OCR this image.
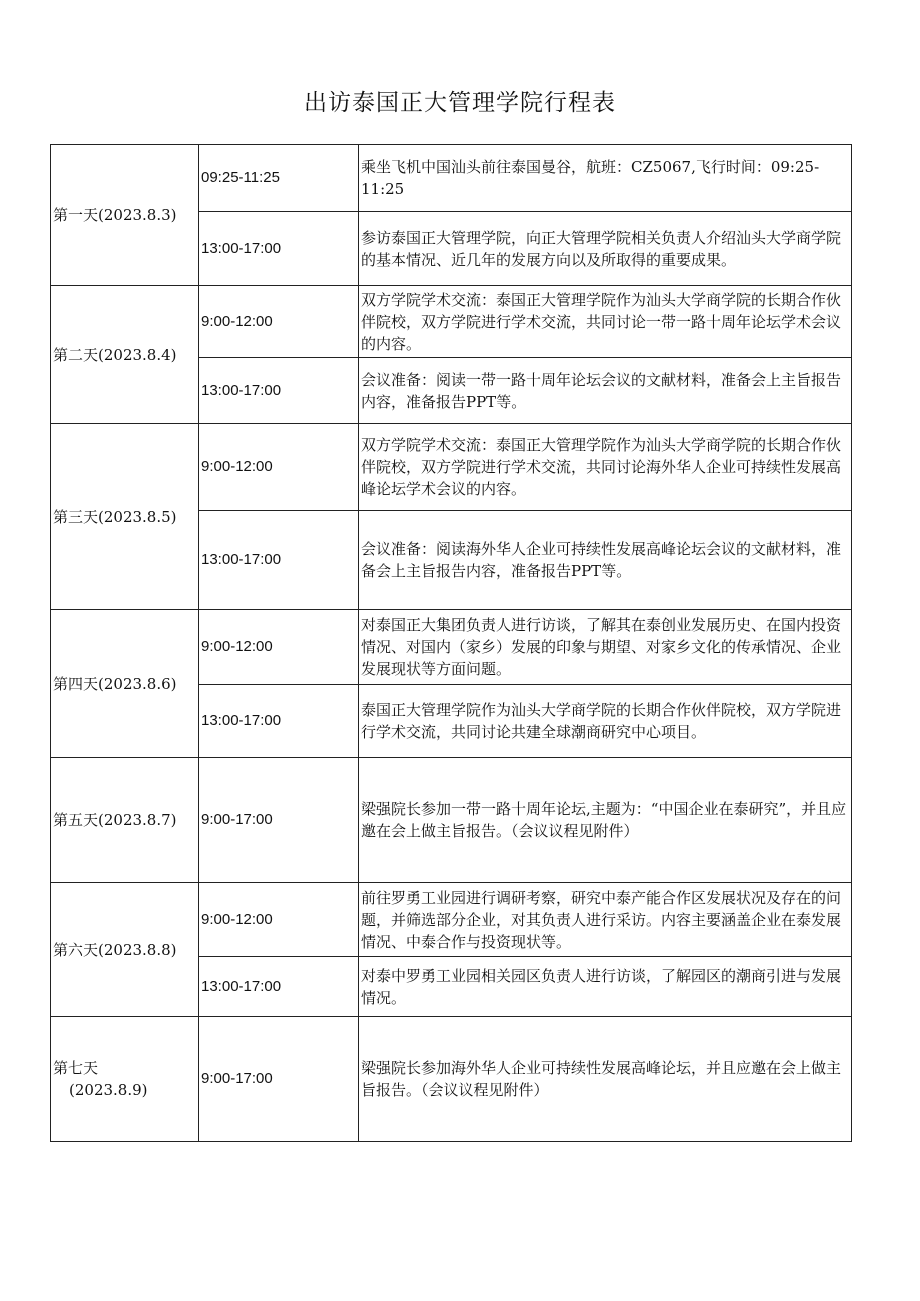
出访泰国正大管理学院行程表
第一天(2023.8.3)	09:25-11:25	乘坐飞机中国汕头前往泰国曼谷，航班：CZ5067,飞行时间：09:25-11:25
	13:00-17:00	参访泰国正大管理学院，向正大管理学院相关负责人介绍汕头大学商学院的基本情况、近几年的发展方向以及所取得的重要成果。
第二天(2023.8.4)	9:00-12:00	双方学院学术交流：泰国正大管理学院作为汕头大学商学院的长期合作伙伴院校，双方学院进行学术交流，共同讨论一带一路十周年论坛学术会议的内容。
	13:00-17:00	会议准备：阅读一带一路十周年论坛会议的文献材料，准备会上主旨报告内容，准备报告PPT等。
第三天(2023.8.5)	9:00-12:00	双方学院学术交流：泰国正大管理学院作为汕头大学商学院的长期合作伙伴院校，双方学院进行学术交流，共同讨论海外华人企业可持续性发展高峰论坛学术会议的内容。
	13:00-17:00	会议准备：阅读海外华人企业可持续性发展高峰论坛会议的文献材料，准备会上主旨报告内容，准备报告PPT等。
第四天(2023.8.6)	9:00-12:00	对泰国正大集团负责人进行访谈，了解其在泰创业发展历史、在国内投资情况、对国内（家乡）发展的印象与期望、对家乡文化的传承情况、企业发展现状等方面问题。
	13:00-17:00	泰国正大管理学院作为汕头大学商学院的长期合作伙伴院校，双方学院进行学术交流，共同讨论共建全球潮商研究中心项目。
第五天(2023.8.7)	9:00-17:00	梁强院长参加一带一路十周年论坛,主题为：“中国企业在泰研究”，并且应邀在会上做主旨报告。（会议议程见附件）
第六天(2023.8.8)	9:00-12:00	前往罗勇工业园进行调研考察，研究中泰产能合作区发展状况及存在的问题，并筛选部分企业，对其负责人进行采访。内容主要涵盖企业在泰发展情况、中泰合作与投资现状等。
	13:00-17:00	对泰中罗勇工业园相关园区负责人进行访谈，了解园区的潮商引进与发展情况。

第七天
(2023.8.9)	9:00-17:00	梁强院长参加海外华人企业可持续性发展高峰论坛，并且应邀在会上做主旨报告。（会议议程见附件）
